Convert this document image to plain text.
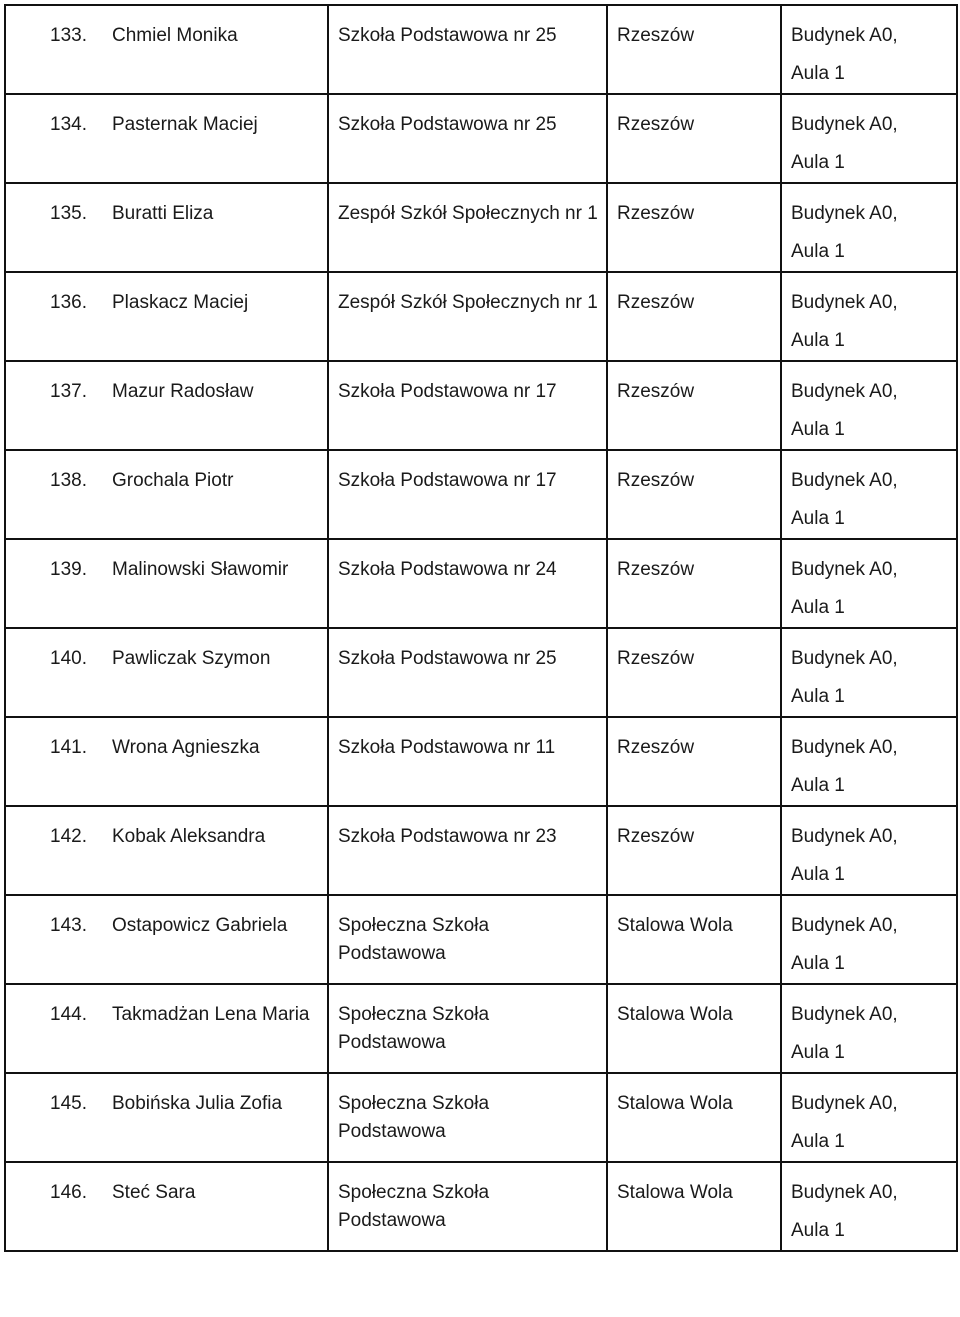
133. Chmiel Monika	Szkoła Podstawowa nr 25	Rzeszów	Budynek A0,
Aula 1

134. Pasternak Maciej	Szkoła Podstawowa nr 25	Rzeszów	Budynek A0,
Aula 1

135. Buratti Eliza	Zespół Szkół Społecznych nr 1	Rzeszów	Budynek A0,
Aula 1

136. Plaskacz Maciej	Zespół Szkół Społecznych nr 1	Rzeszów	Budynek A0,
Aula 1

137. Mazur Radosław	Szkoła Podstawowa nr 17	Rzeszów	Budynek A0,
Aula 1

138. Grochala Piotr	Szkoła Podstawowa nr 17	Rzeszów	Budynek A0,
Aula 1

139. Malinowski Sławomir	Szkoła Podstawowa nr 24	Rzeszów	Budynek A0,
Aula 1

140. Pawliczak Szymon	Szkoła Podstawowa nr 25	Rzeszów	Budynek A0,
Aula 1

141. Wrona Agnieszka	Szkoła Podstawowa nr 11	Rzeszów	Budynek A0,
Aula 1

142. Kobak Aleksandra	Szkoła Podstawowa nr 23	Rzeszów	Budynek A0,
Aula 1

143. Ostapowicz Gabriela	Społeczna Szkoła Podstawowa	Stalowa Wola	Budynek A0,
Aula 1

144. Takmadżan Lena Maria	Społeczna Szkoła Podstawowa	Stalowa Wola	Budynek A0,
Aula 1

145. Bobińska Julia Zofia	Społeczna Szkoła Podstawowa	Stalowa Wola	Budynek A0,
Aula 1

146. Steć Sara	Społeczna Szkoła Podstawowa	Stalowa Wola	Budynek A0,
Aula 1
